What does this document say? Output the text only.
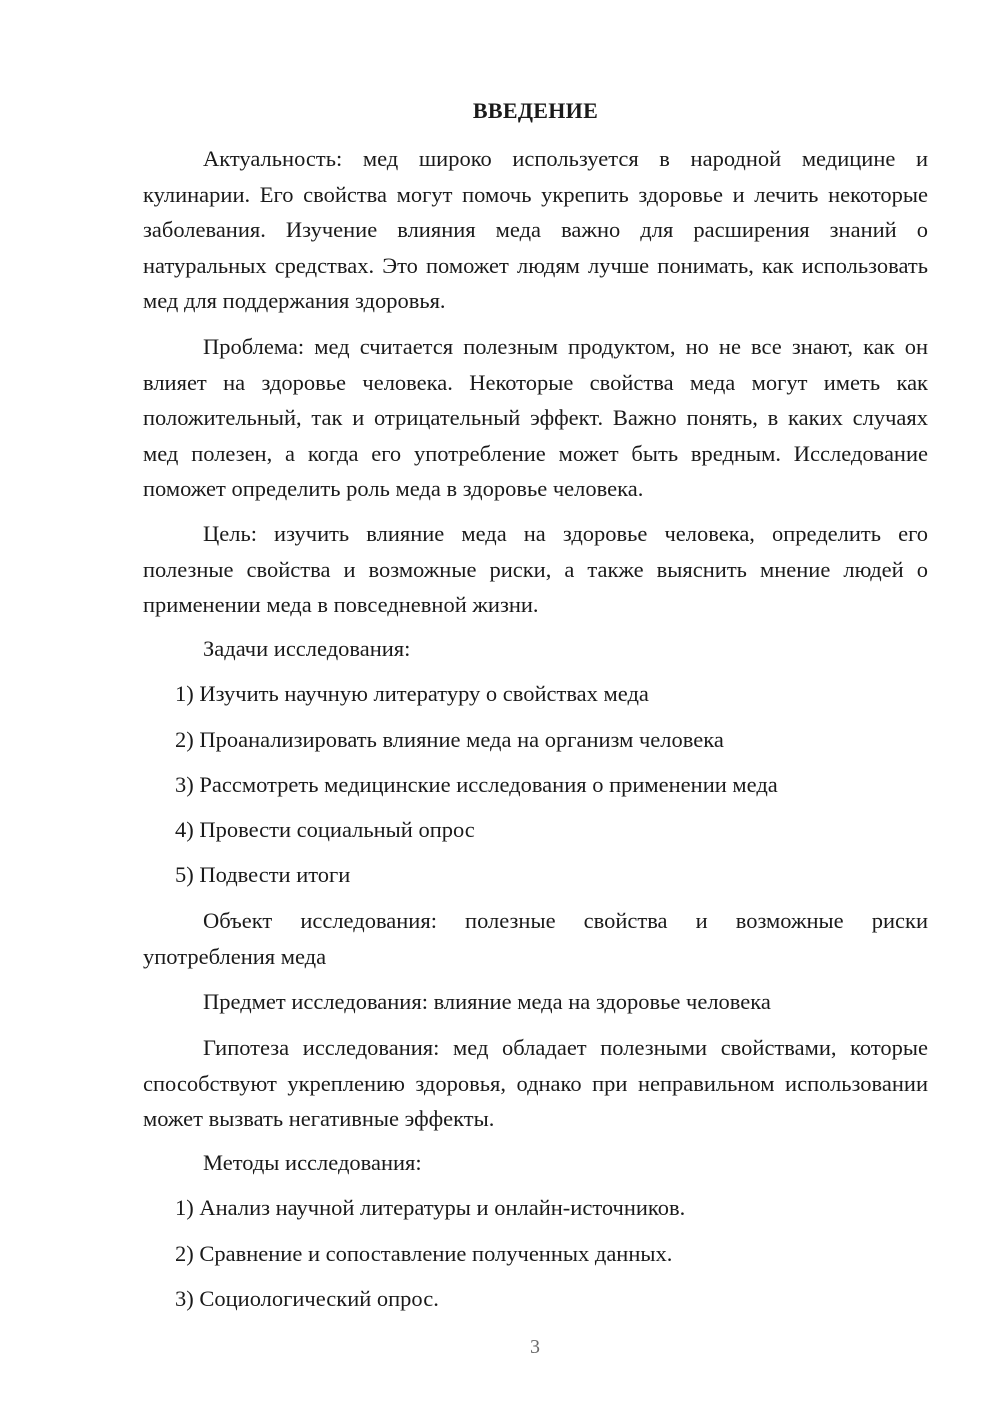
ВВЕДЕНИЕ

Актуальность: мед широко используется в народной медицине и кулинарии. Его свойства могут помочь укрепить здоровье и лечить некоторые заболевания. Изучение влияния меда важно для расширения знаний о натуральных средствах. Это поможет людям лучше понимать, как использовать мед для поддержания здоровья.

Проблема: мед считается полезным продуктом, но не все знают, как он влияет на здоровье человека. Некоторые свойства меда могут иметь как положительный, так и отрицательный эффект. Важно понять, в каких случаях мед полезен, а когда его употребление может быть вредным. Исследование поможет определить роль меда в здоровье человека.

Цель: изучить влияние меда на здоровье человека, определить его полезные свойства и возможные риски, а также выяснить мнение людей о применении меда в повседневной жизни.

Задачи исследования:

1) Изучить научную литературу о свойствах меда

2) Проанализировать влияние меда на организм человека

3) Рассмотреть медицинские исследования о применении меда

4) Провести социальный опрос

5) Подвести итоги

Объект исследования: полезные свойства и возможные риски употребления меда

Предмет исследования: влияние меда на здоровье человека

Гипотеза исследования: мед обладает полезными свойствами, которые способствуют укреплению здоровья, однако при неправильном использовании может вызвать негативные эффекты.

Методы исследования:

1) Анализ научной литературы и онлайн-источников.

2) Сравнение и сопоставление полученных данных.

3) Социологический опрос.

3
